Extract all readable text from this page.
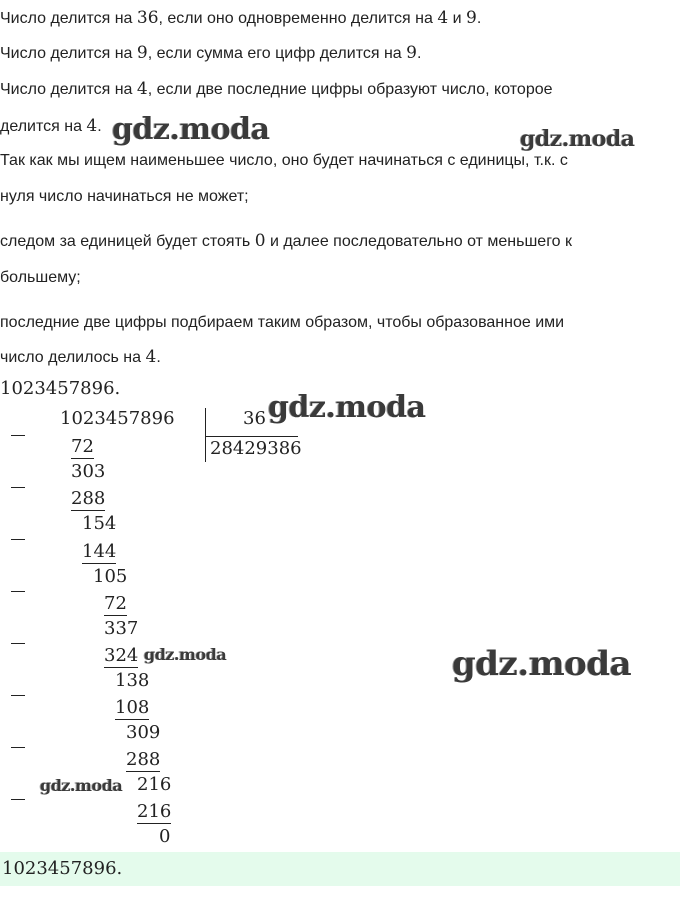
Число делится на 36, если оно одновременно делится на 4 и 9.
Число делится на 9, если сумма его цифр делится на 9.
Число делится на 4, если две последние цифры образуют число, которое
делится на 4.
Так как мы ищем наименьшее число, оно будет начинаться с единицы, т.к. с
нуля число начинаться не может;
следом за единицей будет стоять 0 и далее последовательно от меньшего к
большему;
последние две цифры подбираем таким образом, чтобы образованное ими
число делилось на 4.
1023457896.
1023457896	36
28429386
72
303
288
154
144
105
72
337
324
138
108
309
288
216
216
0
1023457896.
gdz.moda	gdz.moda
gdz.moda
gdz.moda	gdz.moda
gdz.moda
